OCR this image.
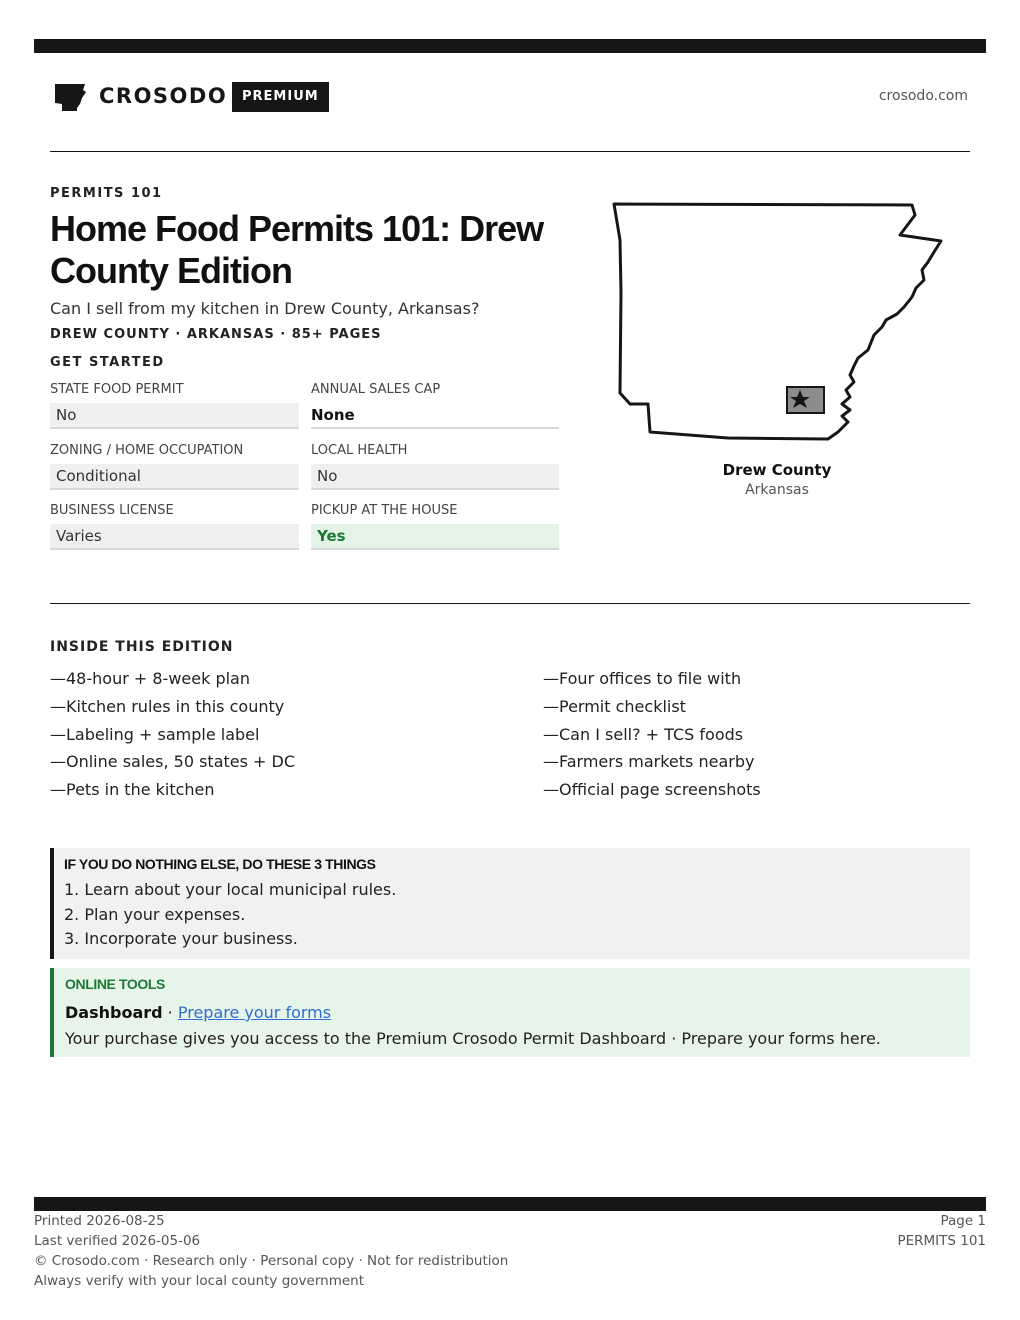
CROSODO	PREMIUM	crosodo.com
PERMITS 101
Home Food Permits 101: Drew County Edition
Can I sell from my kitchen in Drew County, Arkansas?
DREW COUNTY · ARKANSAS · 85+ PAGES
GET STARTED
STATE FOOD PERMIT
No
ANNUAL SALES CAP
None
ZONING / HOME OCCUPATION
Conditional
LOCAL HEALTH
No
BUSINESS LICENSE
Varies
PICKUP AT THE HOUSE
Yes
Drew County
Arkansas
INSIDE THIS EDITION
—48-hour + 8-week plan
—Kitchen rules in this county
—Labeling + sample label
—Online sales, 50 states + DC
—Pets in the kitchen
—Four offices to file with
—Permit checklist
—Can I sell? + TCS foods
—Farmers markets nearby
—Official page screenshots
IF YOU DO NOTHING ELSE, DO THESE 3 THINGS
1. Learn about your local municipal rules.
2. Plan your expenses.
3. Incorporate your business.
ONLINE TOOLS
Dashboard · Prepare your forms
Your purchase gives you access to the Premium Crosodo Permit Dashboard · Prepare your forms here.
Printed 2026-08-25
Last verified 2026-05-06
© Crosodo.com · Research only · Personal copy · Not for redistribution
Always verify with your local county government
Page 1
PERMITS 101
